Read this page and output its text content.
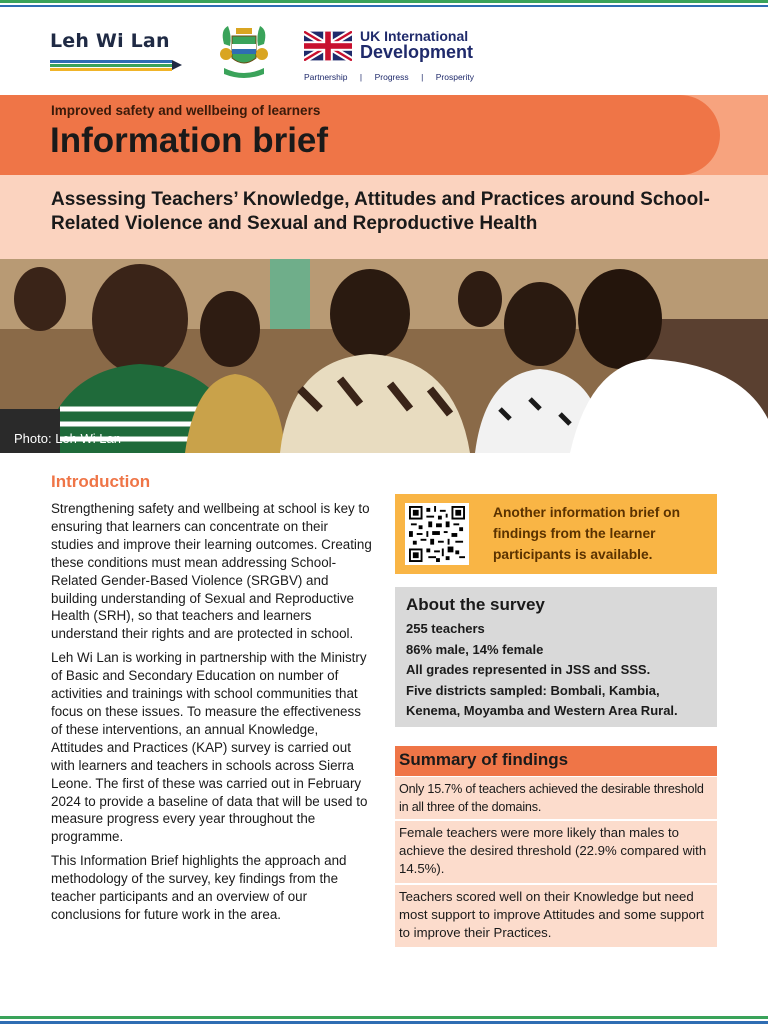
Leh Wi Lan	UK International
Development
Partnership | Progress | Prosperity
Improved safety and wellbeing of learners
Information brief
Assessing Teachers’ Knowledge, Attitudes and Practices around School-Related Violence and Sexual and Reproductive Health
Photo: Leh Wi Lan
Introduction

Strengthening safety and wellbeing at school is key to ensuring that learners can concentrate on their studies and improve their learning outcomes. Creating these conditions must mean addressing School-Related Gender-Based Violence (SRGBV) and building understanding of Sexual and Reproductive Health (SRH), so that teachers and learners understand their rights and are protected in school.

Leh Wi Lan is working in partnership with the Ministry of Basic and Secondary Education on number of activities and trainings with school communities that focus on these issues. To measure the effectiveness of these interventions, an annual Knowledge, Attitudes and Practices (KAP) survey is carried out with learners and teachers in schools across Sierra Leone. The first of these was carried out in February 2024 to provide a baseline of data that will be used to measure progress every year throughout the programme.

This Information Brief highlights the approach and methodology of the survey, key findings from the teacher participants and an overview of our conclusions for future work in the area.

Another information brief on findings from the learner participants is available.
About the survey
255 teachers
86% male, 14% female
All grades represented in JSS and SSS.
Five districts sampled: Bombali, Kambia, Kenema, Moyamba and Western Area Rural.
Summary of findings
Only 15.7% of teachers achieved the desirable threshold in all three of the domains.
Female teachers were more likely than males to achieve the desired threshold (22.9% compared with 14.5%).
Teachers scored well on their Knowledge but need most support to improve Attitudes and some support to improve their Practices.
